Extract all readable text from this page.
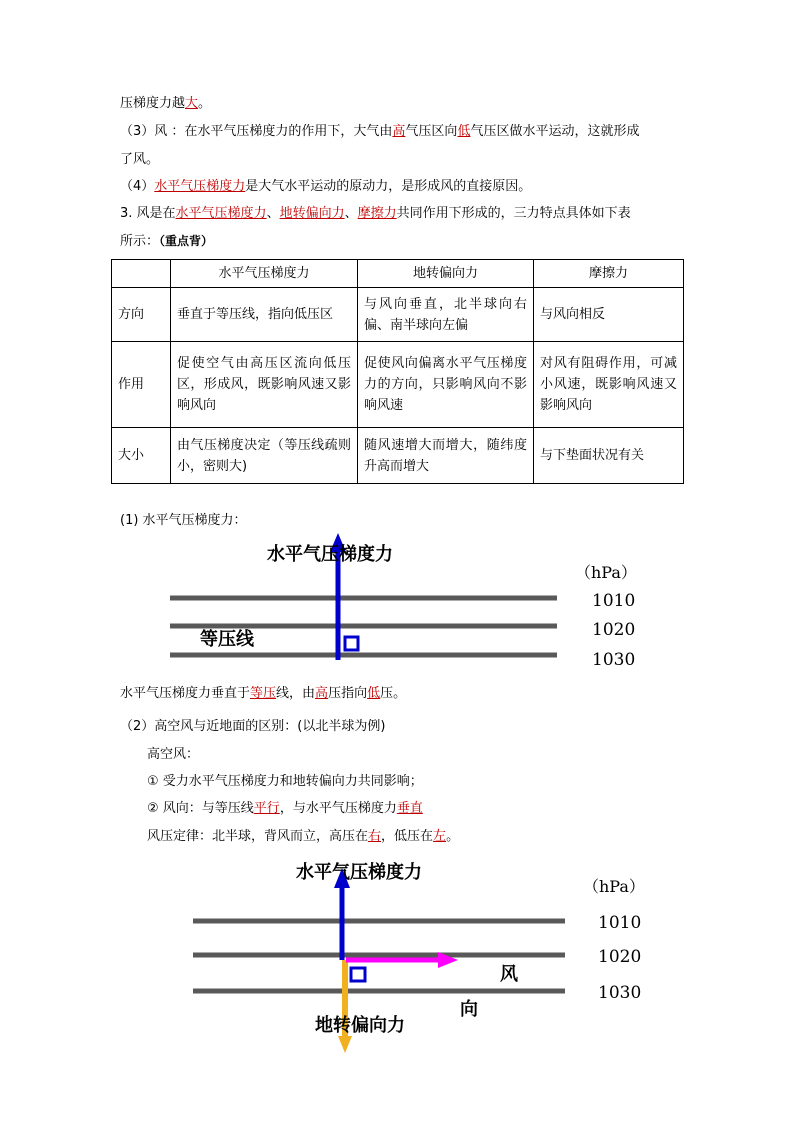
压梯度力越大。
（3）风 ：在水平气压梯度力的作用下，大气由高气压区向低气压区做水平运动，这就形成
了风。
（4）水平气压梯度力是大气水平运动的原动力，是形成风的直接原因。
3. 风是在水平气压梯度力、地转偏向力、摩擦力共同作用下形成的，三力特点具体如下表
所示：（重点背）
	水平气压梯度力	地转偏向力	摩擦力
方向	垂直于等压线，指向低压区	与风向垂直，北半球向右偏、南半球向左偏	与风向相反
作用	促使空气由高压区流向低压区，形成风，既影响风速又影响风向	促使风向偏离水平气压梯度力的方向，只影响风向不影响风速	对风有阻碍作用，可减小风速，既影响风速又影响风向
大小	由气压梯度决定（等压线疏则小，密则大)	随风速增大而增大，随纬度升高而增大	与下垫面状况有关
(1) 水平气压梯度力：
水平气压梯度力
等压线
（hPa）
1010
1020
1030
水平气压梯度力垂直于等压线，由高压指向低压。
（2）高空风与近地面的区别：(以北半球为例)
高空风：
① 受力水平气压梯度力和地转偏向力共同影响；
② 风向：与等压线平行，与水平气压梯度力垂直
风压定律：北半球，背风而立，高压在右，低压在左。
水平气压梯度力
地转偏向力
风
向
（hPa）
1010
1020
1030
